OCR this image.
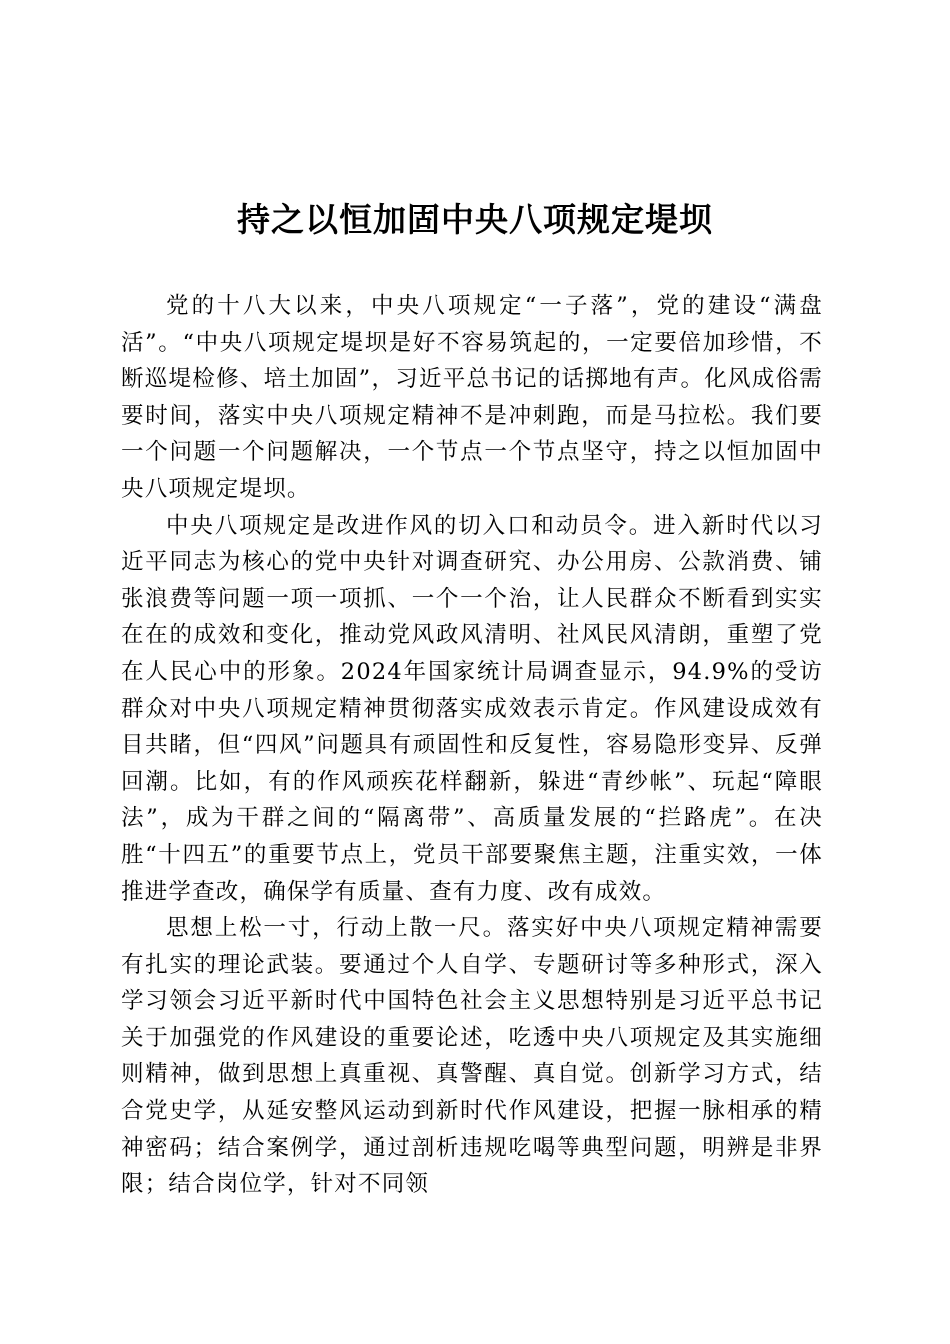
持之以恒加固中央八项规定堤坝

党的十八大以来，中央八项规定“一子落”，党的建设“满盘活”。“中央八项规定堤坝是好不容易筑起的，一定要倍加珍惜，不断巡堤检修、培土加固”，习近平总书记的话掷地有声。化风成俗需要时间，落实中央八项规定精神不是冲刺跑，而是马拉松。我们要一个问题一个问题解决，一个节点一个节点坚守，持之以恒加固中央八项规定堤坝。

中央八项规定是改进作风的切入口和动员令。进入新时代以习近平同志为核心的党中央针对调查研究、办公用房、公款消费、铺张浪费等问题一项一项抓、一个一个治，让人民群众不断看到实实在在的成效和变化，推动党风政风清明、社风民风清朗，重塑了党在人民心中的形象。2024年国家统计局调查显示，94.9%的受访群众对中央八项规定精神贯彻落实成效表示肯定。作风建设成效有目共睹，但“四风”问题具有顽固性和反复性，容易隐形变异、反弹回潮。比如，有的作风顽疾花样翻新，躲进“青纱帐”、玩起“障眼法”，成为干群之间的“隔离带”、高质量发展的“拦路虎”。在决胜“十四五”的重要节点上，党员干部要聚焦主题，注重实效，一体推进学查改，确保学有质量、查有力度、改有成效。

思想上松一寸，行动上散一尺。落实好中央八项规定精神需要有扎实的理论武装。要通过个人自学、专题研讨等多种形式，深入学习领会习近平新时代中国特色社会主义思想特别是习近平总书记关于加强党的作风建设的重要论述，吃透中央八项规定及其实施细则精神，做到思想上真重视、真警醒、真自觉。创新学习方式，结合党史学，从延安整风运动到新时代作风建设，把握一脉相承的精神密码；结合案例学，通过剖析违规吃喝等典型问题，明辨是非界限；结合岗位学，针对不同领
